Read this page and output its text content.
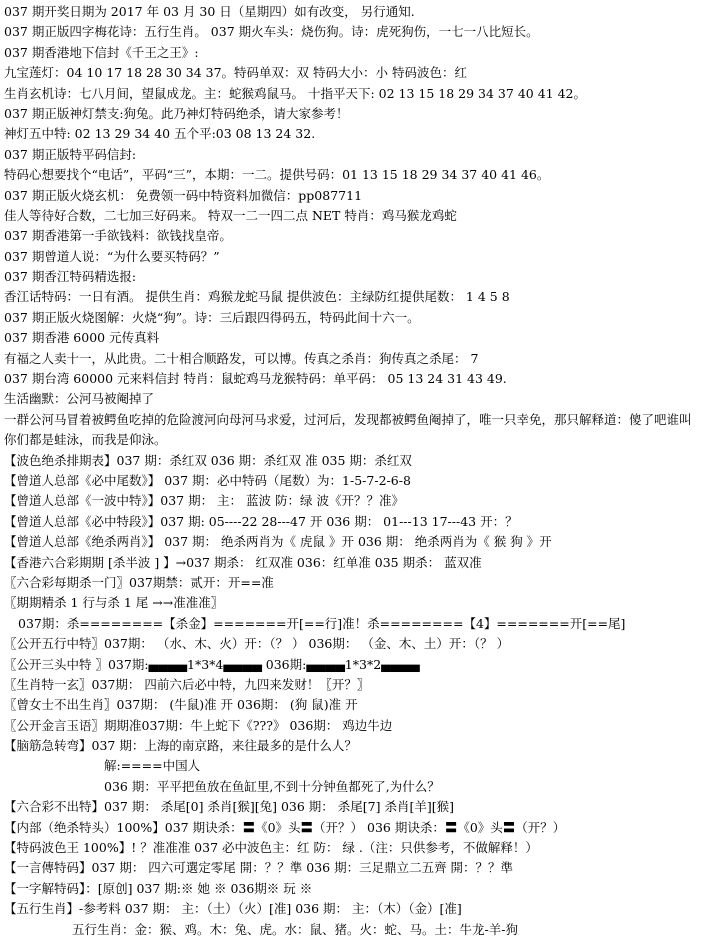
037 期开奖日期为 2017 年 03 月 30 日（星期四）如有改变， 另行通知.
037 期正版四字梅花诗：五行生肖。 037 期火车头：烧伤狗。诗：虎死狗伤，一七一八比短长。
037 期香港地下信封《千王之王》:
九宝莲灯：04 10 17 18 28 30 34 37。特码单双：双 特码大小：小 特码波色：红
生肖玄机诗：七八月间，望鼠成龙。主：蛇猴鸡鼠马。 十指平天下: 02 13 15 18 29 34 37 40 41 42。
037 期正版神灯禁支:狗兔。此乃神灯特码绝杀，请大家参考！
神灯五中特: 02 13 29 34 40 五个平:03 08 13 24 32.
037 期正版特平码信封:
特码心想要找个“电话”，平码“三”，本期：一二。提供号码：01 13 15 18 29 34 37 40 41 46。
037 期正版火烧玄机： 免费领一码中特资料加微信：pp087711
佳人等待好合数，二七加三好码来。 特双一二一四二点 NET 特肖：鸡马猴龙鸡蛇
037 期香港第一手欲钱料：欲钱找皇帝。
037 期曾道人说：“为什么要买特码？”
037 期香江特码精选报:
香江话特码：一日有酒。 提供生肖：鸡猴龙蛇马鼠 提供波色：主绿防红提供尾数： 1 4 5 8
037 期正版火烧图解：火烧“狗”。诗：三后跟四得码五，特码此间十六一。
037 期香港 6000 元传真料
有福之人卖十一，从此贵。二十相合顺路发，可以博。传真之杀肖：狗传真之杀尾： 7
037 期台湾 60000 元来料信封 特肖：鼠蛇鸡马龙猴特码：单平码： 05 13 24 31 43 49.
生活幽默：公河马被阉掉了
一群公河马冒着被鳄鱼吃掉的危险渡河向母河马求爱，过河后，发现都被鳄鱼阉掉了，唯一只幸免，那只解释道：傻了吧谁叫你们都是蛙泳，而我是仰泳。
【波色绝杀排期表】037 期：杀红双 036 期：杀红双 准 035 期：杀红双
【曾道人总部《必中尾数》】 037 期：必中特码（尾数）为：1-5-7-2-6-8
【曾道人总部《一波中特》】037 期： 主： 蓝波 防：绿 波《开？？准》
【曾道人总部《必中特段》】037 期: 05----22 28---47 开 036 期： 01---13 17---43 开：？
【曾道人总部《绝杀两肖》】 037 期： 绝杀两肖为《 虎鼠 》开 036 期： 绝杀两肖为《 猴 狗 》开
【香港六合彩期期 [杀半波 ] 】→037 期杀： 红双准 036：红单准 035 期杀： 蓝双准
〖六合彩每期杀一门〗037期禁：贰开：开==准
〖期期精杀 1 行与杀 1 尾 →→准准准〗
037期：杀========【杀金】=======开[==行]准！杀========【4】=======开[==尾]
〖公开五行中特〗037期： （水、木、火）开：（？ ） 036期： （金、木、土）开：（？ ）
〖公开三头中特 〗037期:▄▄▄▄1*3*4▄▄▄▄ 036期:▄▄▄▄1*3*2▄▄▄▄
〖生肖特一玄〗037期： 四前六后必中特，九四来发财！〖开？〗
〖曾女士不出生肖〗037期： (牛鼠)准 开 036期： (狗 鼠)准 开
〖公开金言玉语〗期期准037期：牛上蛇下《???》 036期： 鸡边牛边
【脑筋急转弯】037 期：上海的南京路，来往最多的是什么人？
解:====中国人
036 期：平平把鱼放在鱼缸里,不到十分钟鱼都死了,为什么？
【六合彩不出特】037 期： 杀尾[0] 杀肖[猴][兔] 036 期： 杀尾[7] 杀肖[羊][猴]
【内部（绝杀特头）100%】037 期诀杀：〓《0》头〓（开？） 036 期诀杀：〓《0》头〓（开？）
【特码波色王 100%】! ？准准准 037 必中波色主：红 防： 绿 .（注：只供参考，不做解释！）
【一言傳特码】037 期： 四六可選定零尾 開：？？準 036 期：三足鼎立二五齊 開：？？準
【一字解特码】：[原创] 037 期:※ 她 ※ 036期※ 玩 ※
【五行生肖】-参考料 037 期： 主：（土）（火）[准] 036 期： 主：（木）（金）[准]
五行生肖：金：猴、鸡。木：兔、虎。水：鼠、猪。火：蛇、马。土：牛龙-羊-狗
